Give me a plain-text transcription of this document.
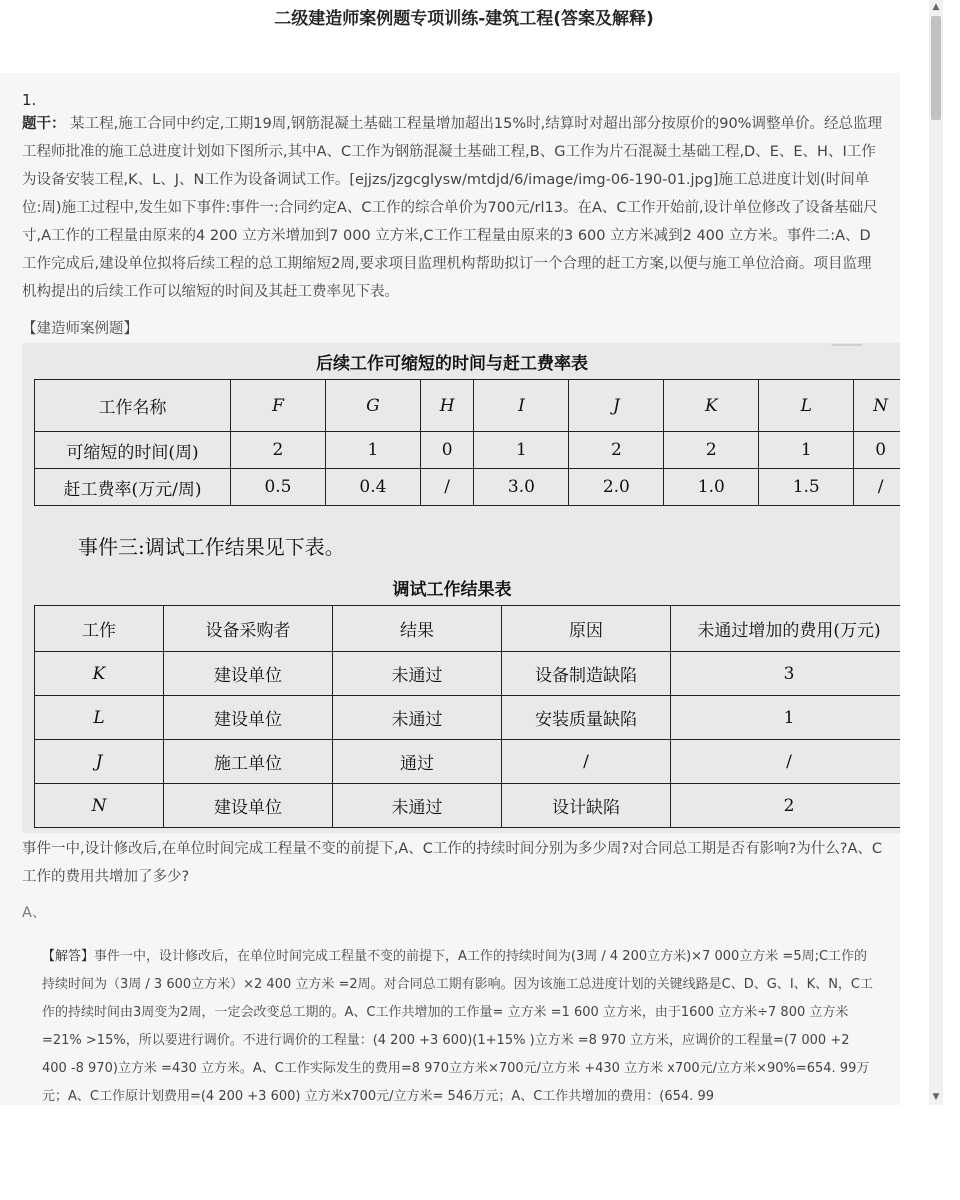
二级建造师案例题专项训练-建筑工程(答案及解释)
1.
题干： 某工程,施工合同中约定,工期19周,钢筋混凝土基础工程量增加超出15%时,结算时对超出部分按原价的90%调整单价。经总监理工程师批准的施工总进度计划如下图所示,其中A、C工作为钢筋混凝土基础工程,B、G工作为片石混凝土基础工程,D、E、E、H、I工作为设备安装工程,K、L、J、N工作为设备调试工作。[ejjzs/jzgcglysw/mtdjd/6/image/img-06-190-01.jpg]施工总进度计划(时间单位:周)施工过程中,发生如下事件:事件一:合同约定A、C工作的综合单价为700元/rl13。在A、C工作开始前,设计单位修改了设备基础尺寸,A工作的工程量由原来的4 200 立方米增加到7 000 立方米,C工作工程量由原来的3 600 立方米减到2 400 立方米。事件二:A、D工作完成后,建设单位拟将后续工程的总工期缩短2周,要求项目监理机构帮助拟订一个合理的赶工方案,以便与施工单位洽商。项目监理机构提出的后续工作可以缩短的时间及其赶工费率见下表。
【建造师案例题】
▔▔▔
后续工作可缩短的时间与赶工费率表
工作名称	F	G	H	I	J	K	L	N
可缩短的时间(周)	2	1	0	1	2	2	1	0
赶工费率(万元/周)	0.5	0.4	/	3.0	2.0	1.0	1.5	/
事件三:调试工作结果见下表。
调试工作结果表
工作	设备采购者	结果	原因	未通过增加的费用(万元)
K	建设单位	未通过	设备制造缺陷	3
L	建设单位	未通过	安装质量缺陷	1
J	施工单位	通过	/	/
N	建设单位	未通过	设计缺陷	2
事件一中,设计修改后,在单位时间完成工程量不变的前提下,A、C工作的持续时间分别为多少周?对合同总工期是否有影响?为什么?A、C工作的费用共增加了多少?
A、
【解答】事件一中，设计修改后，在单位时间完成工程量不变的前提下，A工作的持续时间为(3周 / 4 200立方米)×7 000立方米 =5周;C工作的持续时间为（3周 / 3 600立方米）×2 400 立方米 =2周。对合同总工期有影响。因为该施工总进度计划的关键线路是C、D、G、I、K、N，C工作的持续时间由3周变为2周，一定会改变总工期的。A、C工作共增加的工作量= 立方米 =1 600 立方米，由于1600 立方米÷7 800 立方米 =21% >15%，所以要进行调价。不进行调价的工程量：(4 200 +3 600)(1+15% )立方米 =8 970 立方米，应调价的工程量=(7 000 +2 400 -8 970)立方米 =430 立方米。A、C工作实际发生的费用=8 970立方米×700元/立方米 +430 立方米 x700元/立方米×90%=654. 99万元；A、C工作原计划费用=(4 200 +3 600) 立方米x700元/立方米= 546万元；A、C工作共增加的费用：(654. 99
▲
▼
